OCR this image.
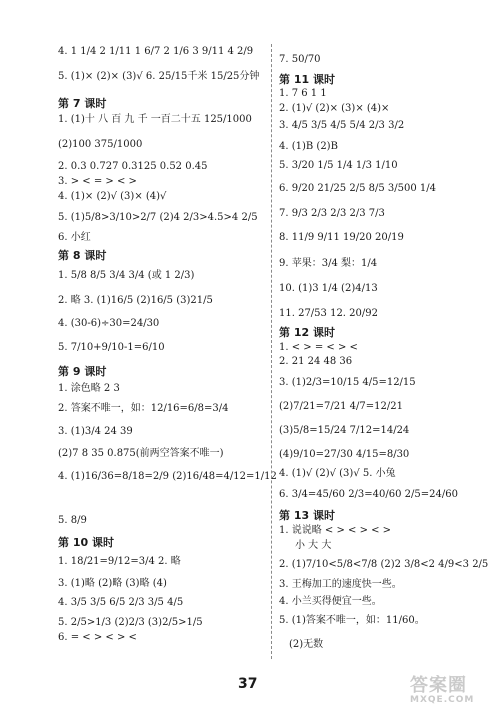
4. 1 1/4 2 1/11 1 6/7 2 1/6 3 9/11 4 2/9
5. (1)× (2)× (3)√ 6. 25/15千米 15/25分钟
第 7 课时
1. (1)十 八 百 九 千 一百二十五 125/1000
(2)100 375/1000
2. 0.3 0.727 0.3125 0.52 0.45
3. > < = > < >
4. (1)× (2)√ (3)× (4)√
5. (1)5/8>3/10>2/7 (2)4 2/3>4.5>4 2/5
6. 小红
第 8 课时
1. 5/8 8/5 3/4 3/4 (或 1 2/3)
2. 略 3. (1)16/5 (2)16/5 (3)21/5
4. (30-6)÷30=24/30
5. 7/10+9/10-1=6/10
第 9 课时
1. 涂色略 2 3
2. 答案不唯一，如：12/16=6/8=3/4
3. (1)3/4 24 39
(2)7 8 35 0.875(前两空答案不唯一)
4. (1)16/36=8/18=2/9 (2)16/48=4/12=1/12
5. 8/9
第 10 课时
1. 18/21=9/12=3/4 2. 略
3. (1)略 (2)略 (3)略 (4)
4. 3/5 3/5 6/5 2/3 3/5 4/5
5. 2/5>1/3 (2)2/3 (3)2/5>1/5
6. = < > < > <
7. 50/70
第 11 课时
1. 7 6 1 1
2. (1)√ (2)× (3)× (4)×
3. 4/5 3/5 4/5 5/4 2/3 3/2
4. (1)B (2)B
5. 3/20 1/5 1/4 1/3 1/10
6. 9/20 21/25 2/5 8/5 3/500 1/4
7. 9/3 2/3 2/3 2/3 7/3
8. 11/9 9/11 19/20 20/19
9. 苹果：3/4 梨：1/4
10. (1)3 1/4 (2)4/13
11. 27/53 12. 20/92
第 12 课时
1. < > = < > <
2. 21 24 48 36
3. (1)2/3=10/15 4/5=12/15
(2)7/21=7/21 4/7=12/21
(3)5/8=15/24 7/12=14/24
(4)9/10=27/30 4/15=8/30
4. (1)√ (2)√ (3)√ 5. 小兔
6. 3/4=45/60 2/3=40/60 2/5=24/60
第 13 课时
1. 说说略 < > < > < >
小 大 大
2. (1)7/10<5/8<7/8 (2)2 3/8<2 4/9<3 2/5
3. 王梅加工的速度快一些。
4. 小兰买得便宜一些。
5. (1)答案不唯一，如：11/60。
(2)无数
37	答案圈
MXQE.COM
